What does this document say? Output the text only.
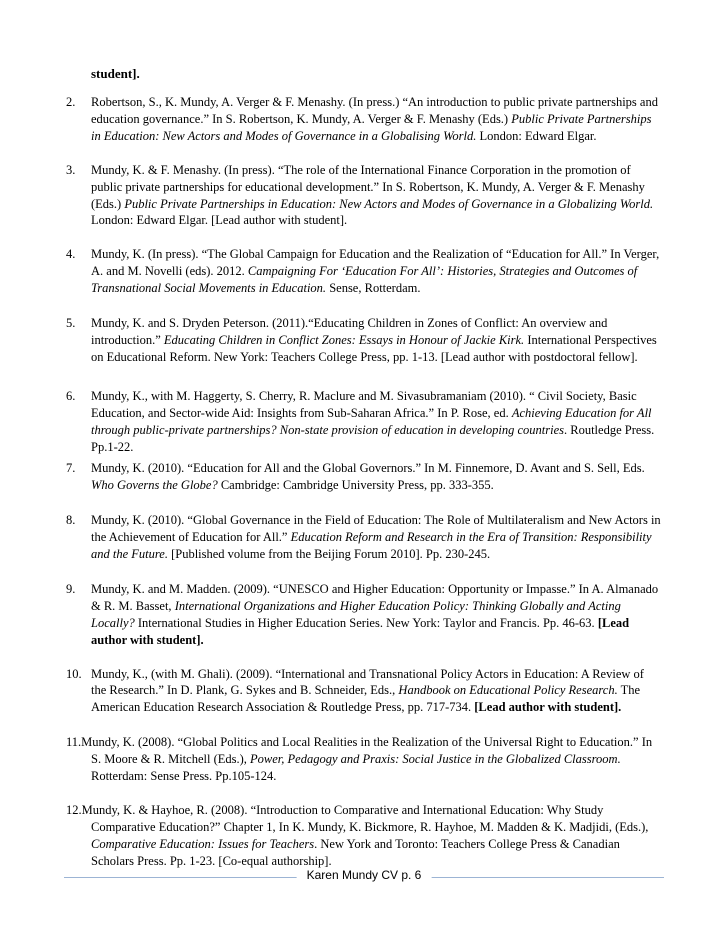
student].

2. Robertson, S., K. Mundy, A. Verger & F. Menashy. (In press.) “An introduction to public private partnerships and education governance.” In S. Robertson, K. Mundy, A. Verger & F. Menashy (Eds.) Public Private Partnerships in Education: New Actors and Modes of Governance in a Globalising World. London: Edward Elgar.

3. Mundy, K. & F. Menashy. (In press). “The role of the International Finance Corporation in the promotion of public private partnerships for educational development.” In S. Robertson, K. Mundy, A. Verger & F. Menashy (Eds.) Public Private Partnerships in Education: New Actors and Modes of Governance in a Globalizing World. London: Edward Elgar. [Lead author with student].

4. Mundy, K. (In press). “The Global Campaign for Education and the Realization of “Education for All.” In Verger, A. and M. Novelli (eds). 2012. Campaigning For ‘Education For All’: Histories, Strategies and Outcomes of Transnational Social Movements in Education. Sense, Rotterdam.

5. Mundy, K. and S. Dryden Peterson. (2011).“Educating Children in Zones of Conflict: An overview and introduction.” Educating Children in Conflict Zones: Essays in Honour of Jackie Kirk. International Perspectives on Educational Reform. New York: Teachers College Press, pp. 1-13. [Lead author with postdoctoral fellow].

6. Mundy, K., with M. Haggerty, S. Cherry, R. Maclure and M. Sivasubramaniam (2010). “ Civil Society, Basic Education, and Sector-wide Aid: Insights from Sub-Saharan Africa.” In P. Rose, ed. Achieving Education for All through public-private partnerships? Non-state provision of education in developing countries. Routledge Press. Pp.1-22.

7. Mundy, K. (2010). “Education for All and the Global Governors.” In M. Finnemore, D. Avant and S. Sell, Eds. Who Governs the Globe? Cambridge: Cambridge University Press, pp. 333-355.

8. Mundy, K. (2010). “Global Governance in the Field of Education: The Role of Multilateralism and New Actors in the Achievement of Education for All.” Education Reform and Research in the Era of Transition: Responsibility and the Future. [Published volume from the Beijing Forum 2010]. Pp. 230-245.

9. Mundy, K. and M. Madden. (2009). “UNESCO and Higher Education: Opportunity or Impasse.” In A. Almanado & R. M. Basset, International Organizations and Higher Education Policy: Thinking Globally and Acting Locally? International Studies in Higher Education Series. New York: Taylor and Francis. Pp. 46-63. [Lead author with student].

10. Mundy, K., (with M. Ghali). (2009). “International and Transnational Policy Actors in Education: A Review of the Research.” In D. Plank, G. Sykes and B. Schneider, Eds., Handbook on Educational Policy Research. The American Education Research Association & Routledge Press, pp. 717-734. [Lead author with student].

11.Mundy, K. (2008). “Global Politics and Local Realities in the Realization of the Universal Right to Education.” In S. Moore & R. Mitchell (Eds.), Power, Pedagogy and Praxis: Social Justice in the Globalized Classroom. Rotterdam: Sense Press. Pp.105-124.

12.Mundy, K. & Hayhoe, R. (2008). “Introduction to Comparative and International Education: Why Study Comparative Education?” Chapter 1, In K. Mundy, K. Bickmore, R. Hayhoe, M. Madden & K. Madjidi, (Eds.), Comparative Education: Issues for Teachers. New York and Toronto: Teachers College Press & Canadian Scholars Press. Pp. 1-23. [Co-equal authorship].

Karen Mundy CV p. 6
